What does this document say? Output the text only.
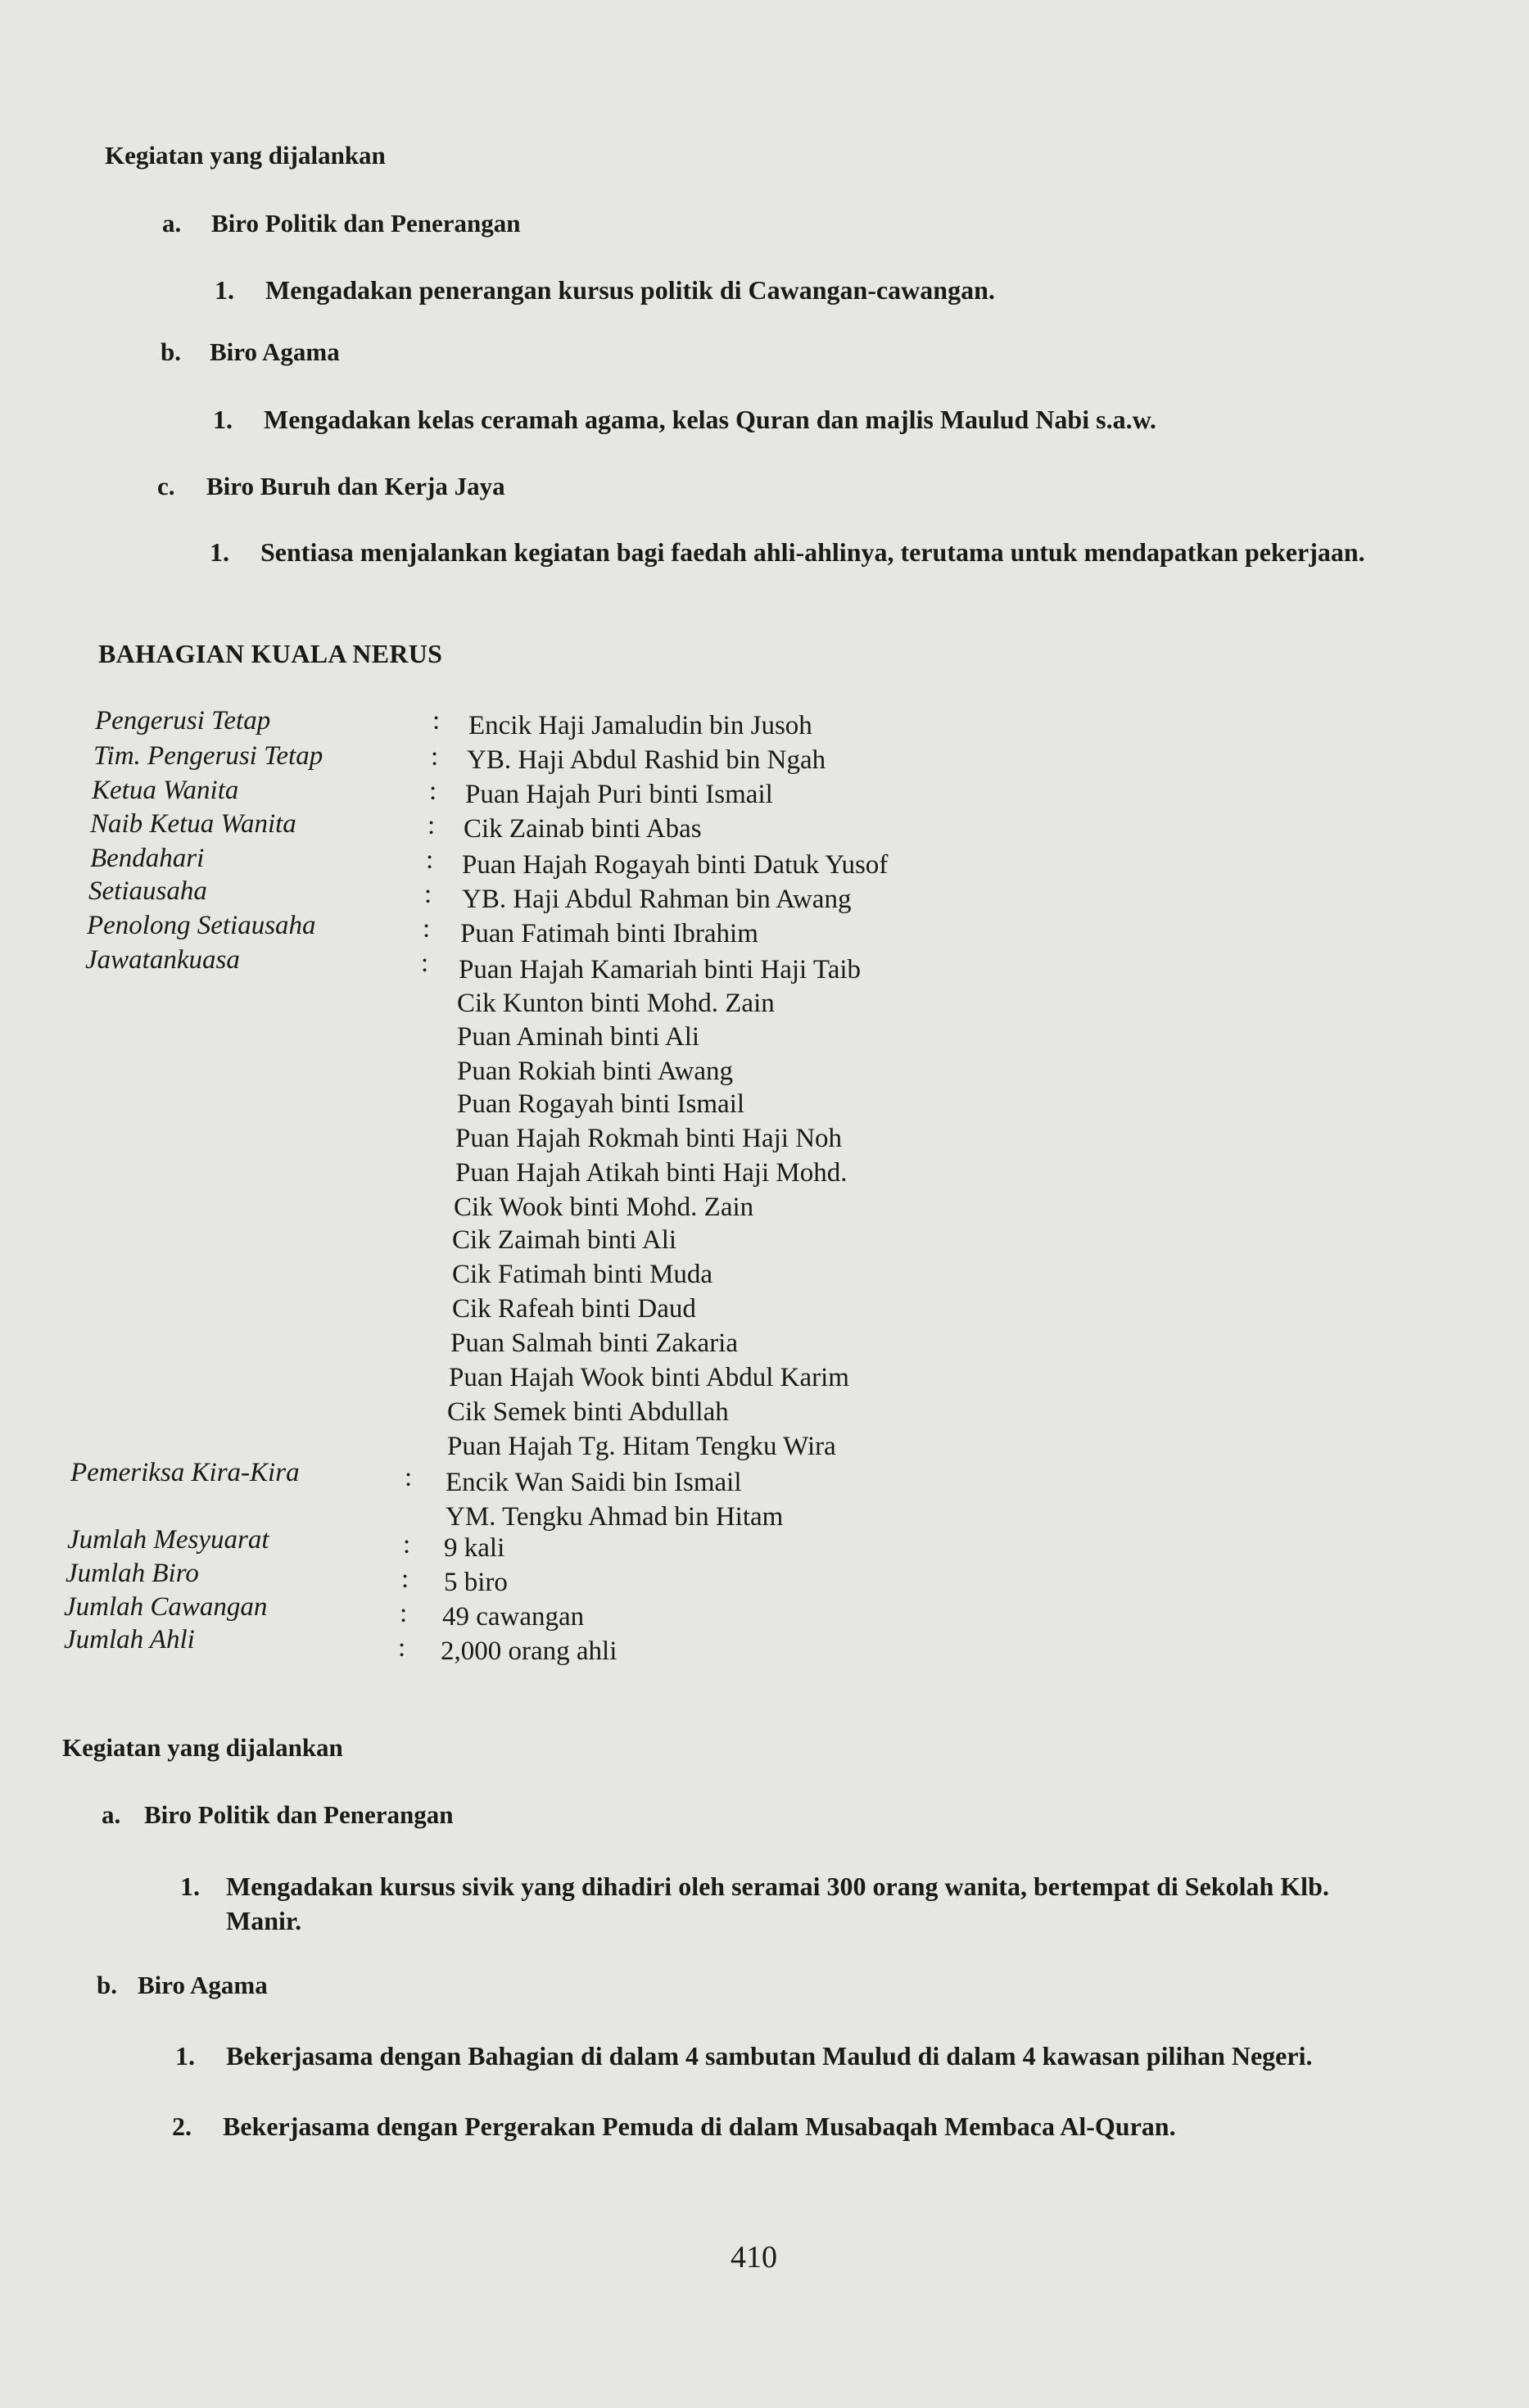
Kegiatan yang dijalankan
a. Biro Politik dan Penerangan
1. Mengadakan penerangan kursus politik di Cawangan-cawangan.
b. Biro Agama
1. Mengadakan kelas ceramah agama, kelas Quran dan majlis Maulud Nabi s.a.w.
c. Biro Buruh dan Kerja Jaya
1. Sentiasa menjalankan kegiatan bagi faedah ahli-ahlinya, terutama untuk mendapatkan pekerjaan.
BAHAGIAN KUALA NERUS
Pengerusi Tetap	: Encik Haji Jamaludin bin Jusoh
Tim. Pengerusi Tetap	: YB. Haji Abdul Rashid bin Ngah
Ketua Wanita	: Puan Hajah Puri binti Ismail
Naib Ketua Wanita	: Cik Zainab binti Abas
Bendahari	: Puan Hajah Rogayah binti Datuk Yusof
Setiausaha	: YB. Haji Abdul Rahman bin Awang
Penolong Setiausaha	: Puan Fatimah binti Ibrahim
Jawatankuasa	: Puan Hajah Kamariah binti Haji Taib
Cik Kunton binti Mohd. Zain
Puan Aminah binti Ali
Puan Rokiah binti Awang
Puan Rogayah binti Ismail
Puan Hajah Rokmah binti Haji Noh
Puan Hajah Atikah binti Haji Mohd.
Cik Wook binti Mohd. Zain
Cik Zaimah binti Ali
Cik Fatimah binti Muda
Cik Rafeah binti Daud
Puan Salmah binti Zakaria
Puan Hajah Wook binti Abdul Karim
Cik Semek binti Abdullah
Puan Hajah Tg. Hitam Tengku Wira
Pemeriksa Kira-Kira	: Encik Wan Saidi bin Ismail
YM. Tengku Ahmad bin Hitam
Jumlah Mesyuarat	: 9 kali
Jumlah Biro	: 5 biro
Jumlah Cawangan	: 49 cawangan
Jumlah Ahli	: 2,000 orang ahli
Kegiatan yang dijalankan
a. Biro Politik dan Penerangan
1. Mengadakan kursus sivik yang dihadiri oleh seramai 300 orang wanita, bertempat di Sekolah Klb.
Manir.
b. Biro Agama
1. Bekerjasama dengan Bahagian di dalam 4 sambutan Maulud di dalam 4 kawasan pilihan Negeri.
2. Bekerjasama dengan Pergerakan Pemuda di dalam Musabaqah Membaca Al-Quran.
410
